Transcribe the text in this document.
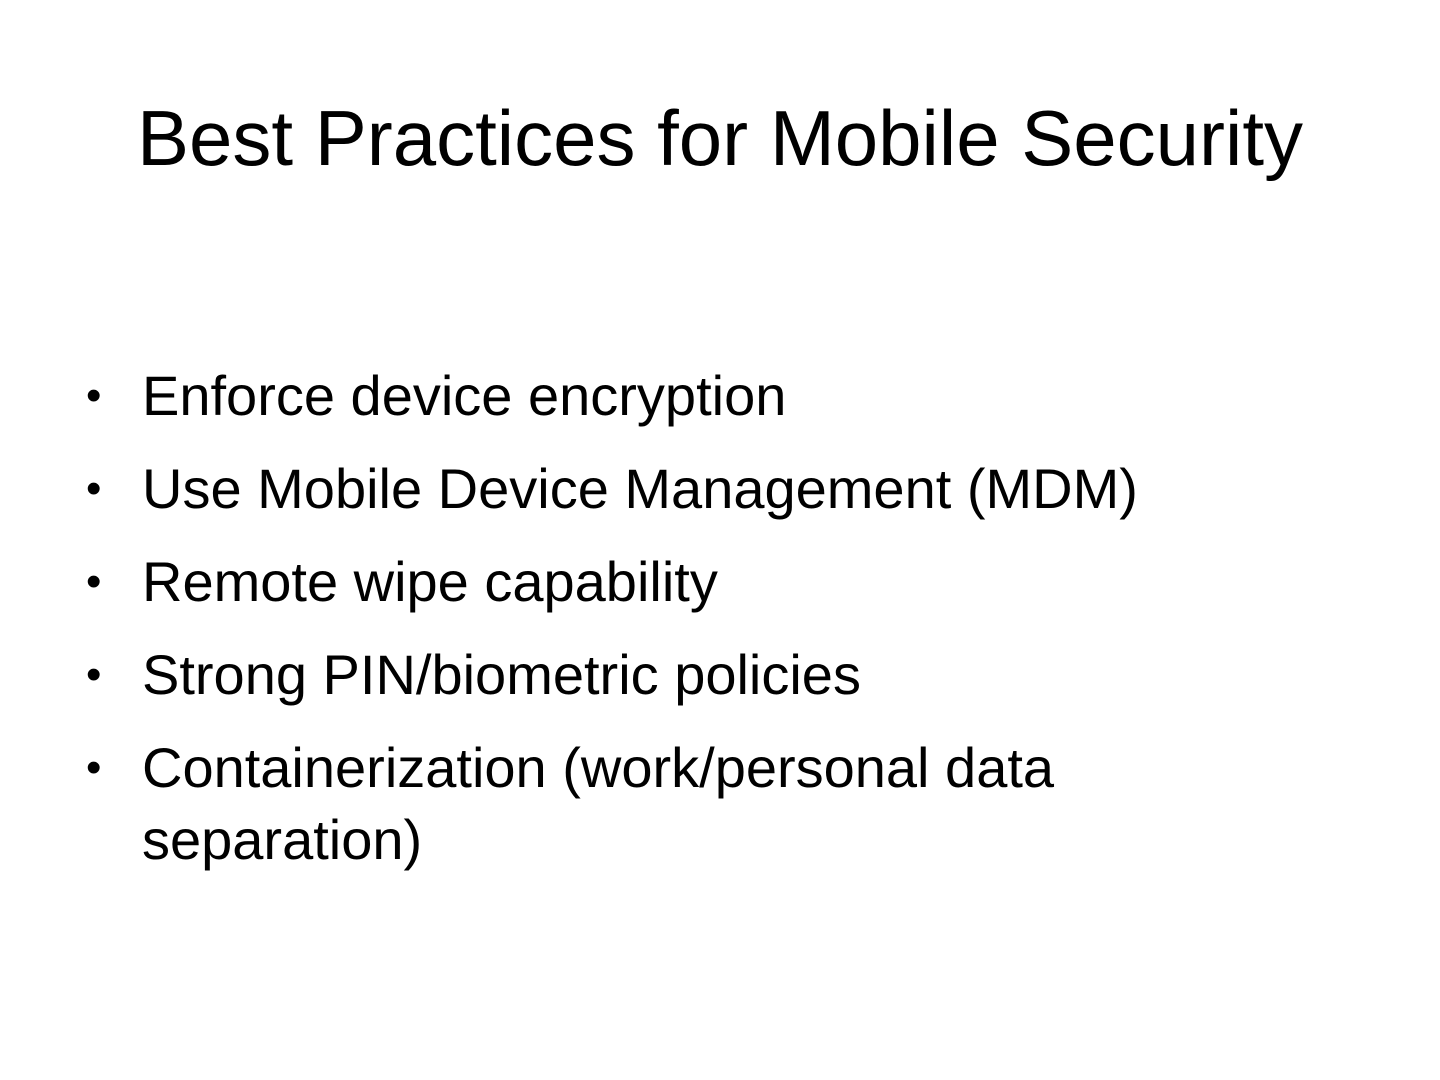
Best Practices for Mobile Security
• Enforce device encryption
• Use Mobile Device Management (MDM)
• Remote wipe capability
• Strong PIN/biometric policies
• Containerization (work/personal data separation)
